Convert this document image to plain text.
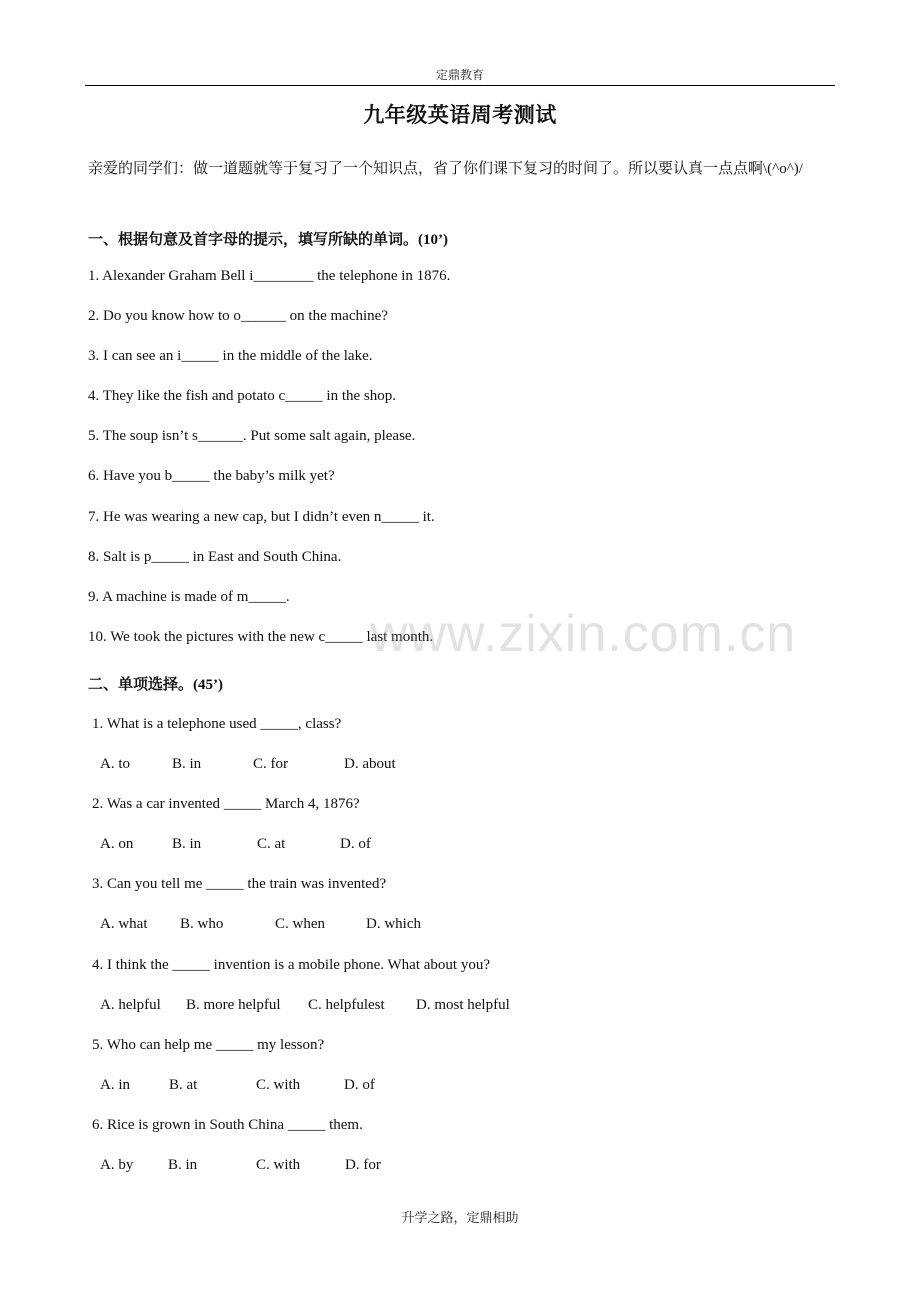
定鼎教育
九年级英语周考测试
亲爱的同学们：做一道题就等于复习了一个知识点，省了你们课下复习的时间了。所以要认真一点点啊\(^o^)/
一、根据句意及首字母的提示，填写所缺的单词。(10’)
1. Alexander Graham Bell i________ the telephone in 1876.
2. Do you know how to o______ on the machine?
3. I can see an i_____ in the middle of the lake.
4. They like the fish and potato c_____ in the shop.
5. The soup isn’t s______. Put some salt again, please.
6. Have you b_____ the baby’s milk yet?
7. He was wearing a new cap, but I didn’t even n_____ it.
8. Salt is p_____ in East and South China.
9. A machine is made of m_____.
10. We took the pictures with the new c_____ last month.
二、单项选择。(45’)
1. What is a telephone used _____, class?
A. to	B. in	C. for	D. about
2. Was a car invented _____ March 4, 1876?
A. on	B. in	C. at	D. of
3. Can you tell me _____ the train was invented?
A. what B. who	C. when	D. which
4. I think the _____ invention is a mobile phone. What about you?
A. helpful B. more helpful C. helpfulest D. most helpful
5. Who can help me _____ my lesson?
A. in	B. at	C. with	D. of
6. Rice is grown in South China _____ them.
A. by B. in	C. with	D. for
升学之路，定鼎相助
www.zixin.com.cn
